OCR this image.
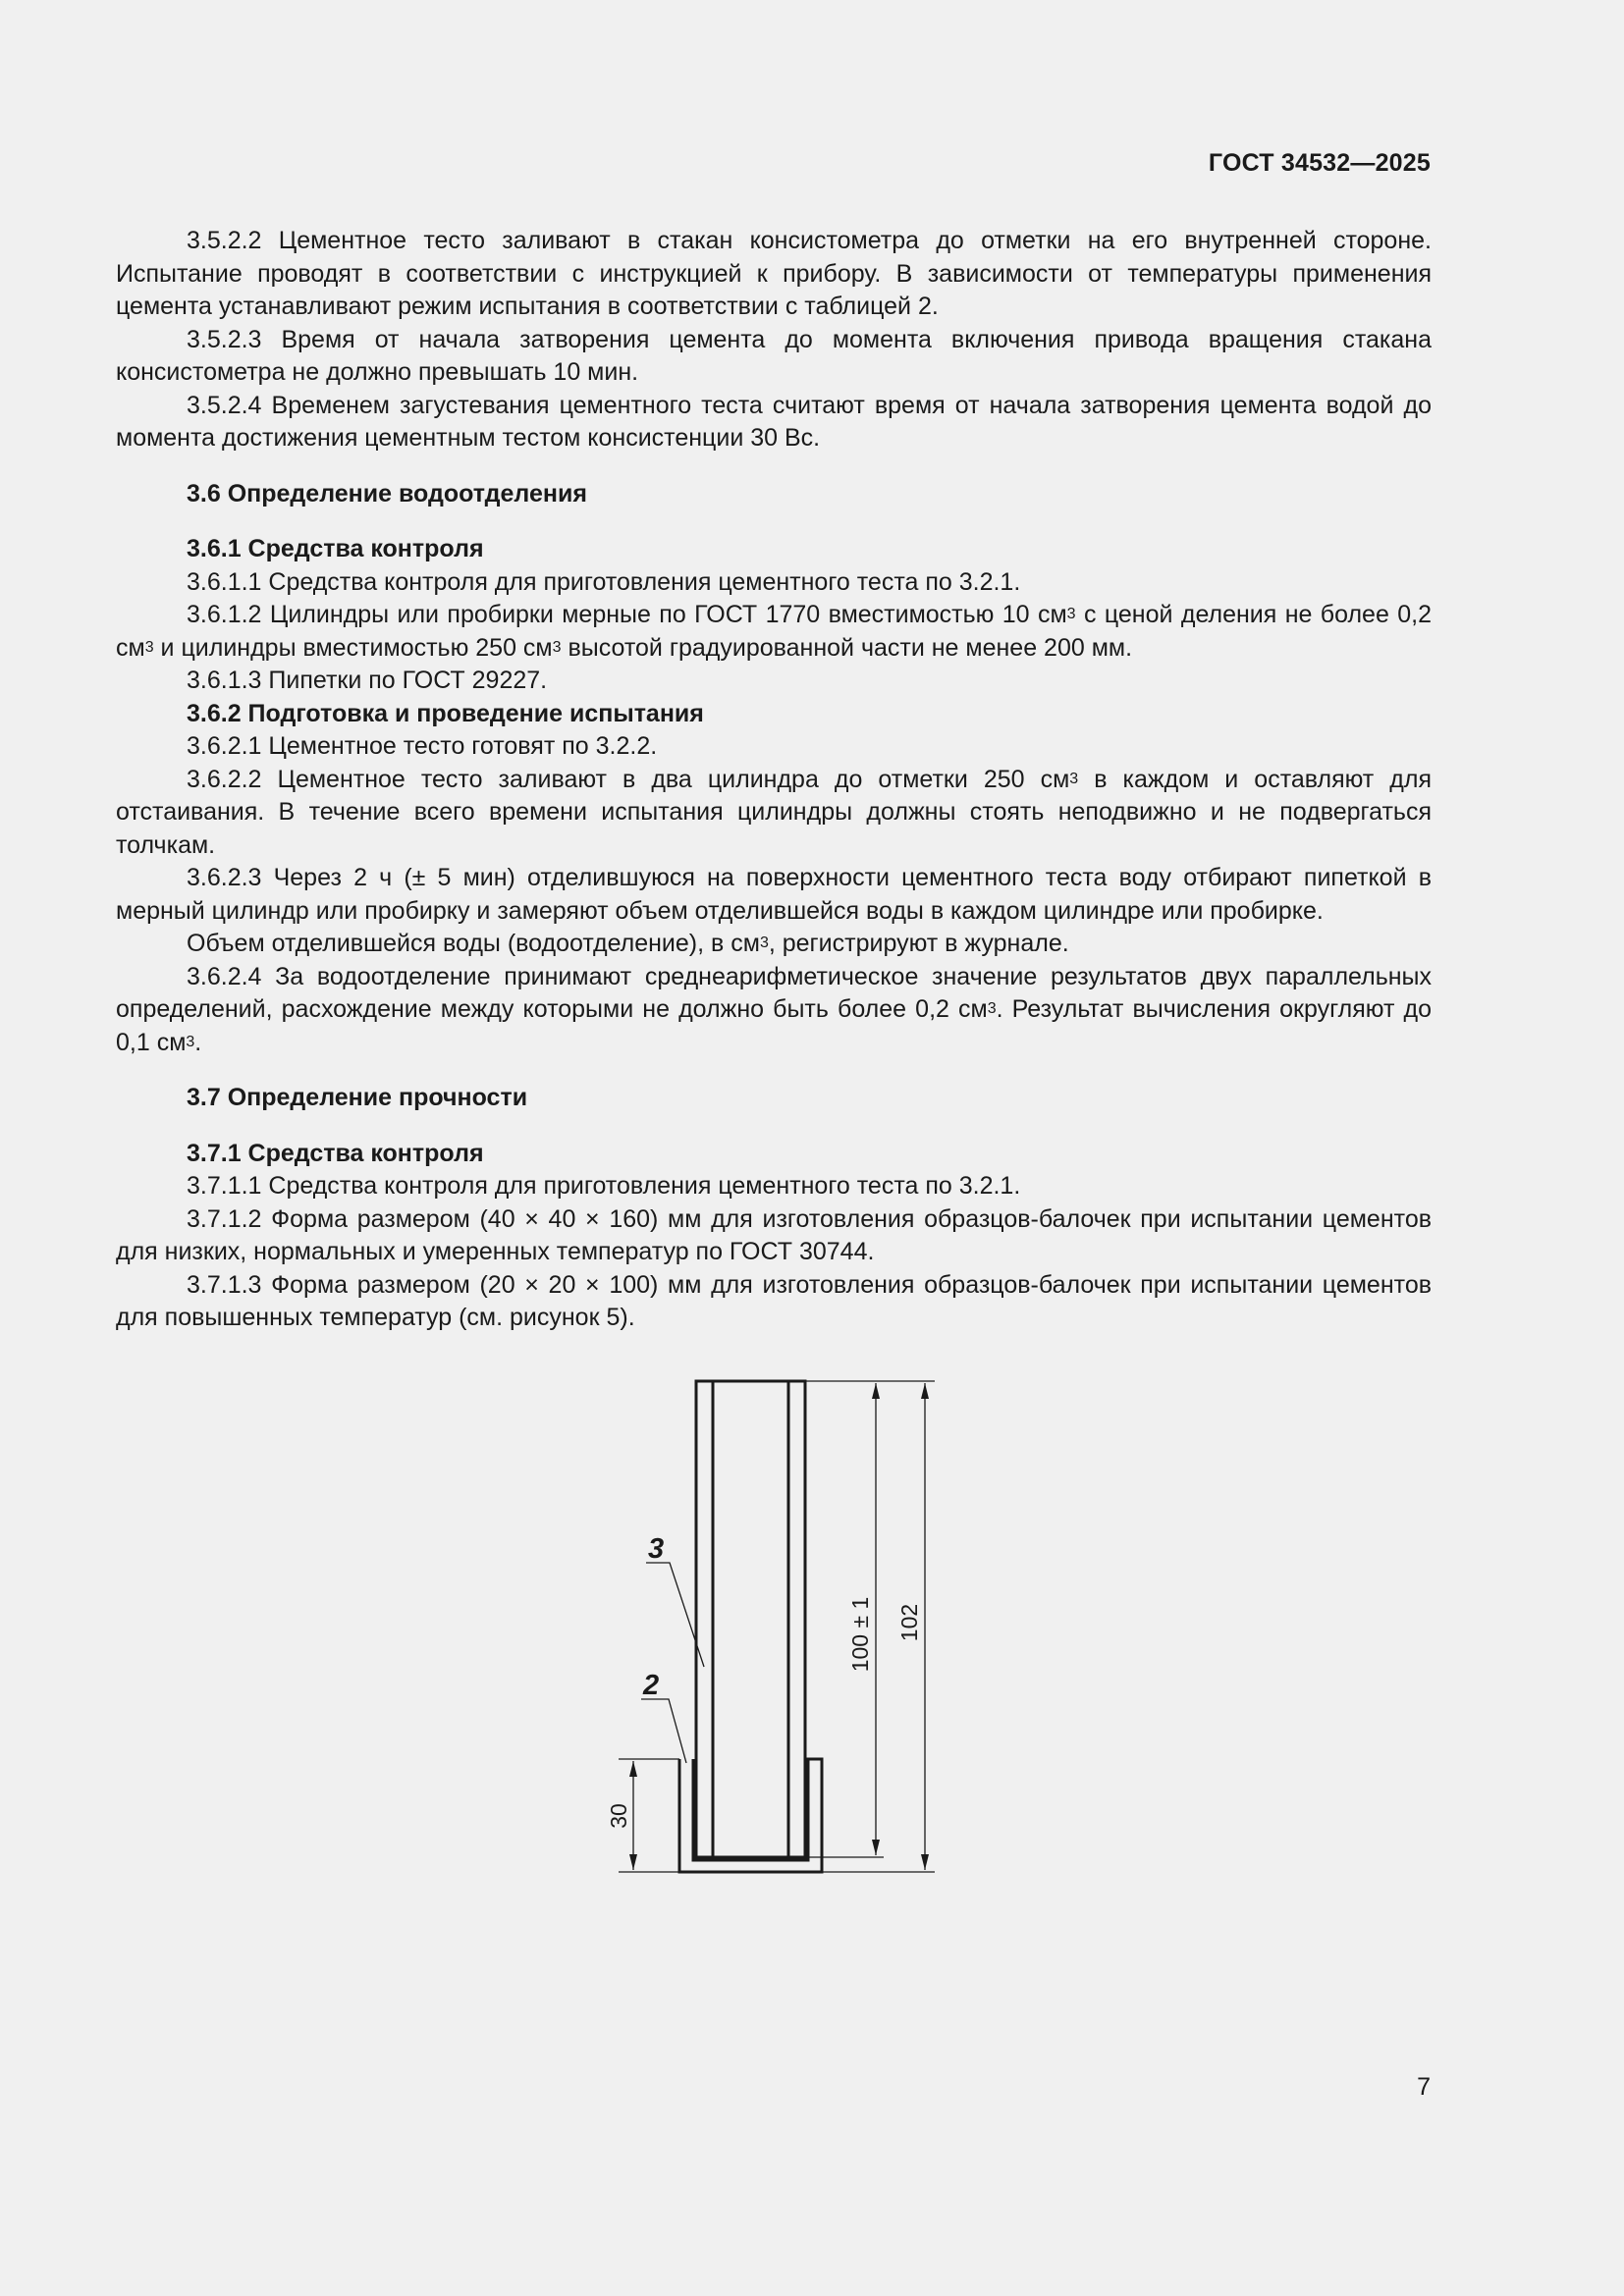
ГОСТ 34532—2025

3.5.2.2 Цементное тесто заливают в стакан консистометра до отметки на его внутренней стороне. Испытание проводят в соответствии с инструкцией к прибору. В зависимости от температуры применения цемента устанавливают режим испытания в соответствии с таблицей 2.

3.5.2.3 Время от начала затворения цемента до момента включения привода вращения стакана консистометра не должно превышать 10 мин.

3.5.2.4 Временем загустевания цементного теста считают время от начала затворения цемента водой до момента достижения цементным тестом консистенции 30 Вс.

3.6 Определение водоотделения

3.6.1 Средства контроля

3.6.1.1 Средства контроля для приготовления цементного теста по 3.2.1.

3.6.1.2 Цилиндры или пробирки мерные по ГОСТ 1770 вместимостью 10 $см^3$ с ценой деления не более 0,2 $см^3$ и цилиндры вместимостью 250 $см^3$ высотой градуированной части не менее 200 мм.

3.6.1.3 Пипетки по ГОСТ 29227.

3.6.2 Подготовка и проведение испытания

3.6.2.1 Цементное тесто готовят по 3.2.2.

3.6.2.2 Цементное тесто заливают в два цилиндра до отметки 250 $см^3$ в каждом и оставляют для отстаивания. В течение всего времени испытания цилиндры должны стоять неподвижно и не подвергаться толчкам.

3.6.2.3 Через 2 ч (± 5 мин) отделившуюся на поверхности цементного теста воду отбирают пипеткой в мерный цилиндр или пробирку и замеряют объем отделившейся воды в каждом цилиндре или пробирке.

Объем отделившейся воды (водоотделение), в $см^3$, регистрируют в журнале.

3.6.2.4 За водоотделение принимают среднеарифметическое значение результатов двух параллельных определений, расхождение между которыми не должно быть более 0,2 $см^3$. Результат вычисления округляют до 0,1 $см^3$.

3.7 Определение прочности

3.7.1 Средства контроля

3.7.1.1 Средства контроля для приготовления цементного теста по 3.2.1.

3.7.1.2 Форма размером (40 × 40 × 160) мм для изготовления образцов-балочек при испытании цементов для низких, нормальных и умеренных температур по ГОСТ 30744.

3.7.1.3 Форма размером (20 × 20 × 100) мм для изготовления образцов-балочек при испытании цементов для повышенных температур (см. рисунок 5).

3
2
100 ± 1 102
30
7
